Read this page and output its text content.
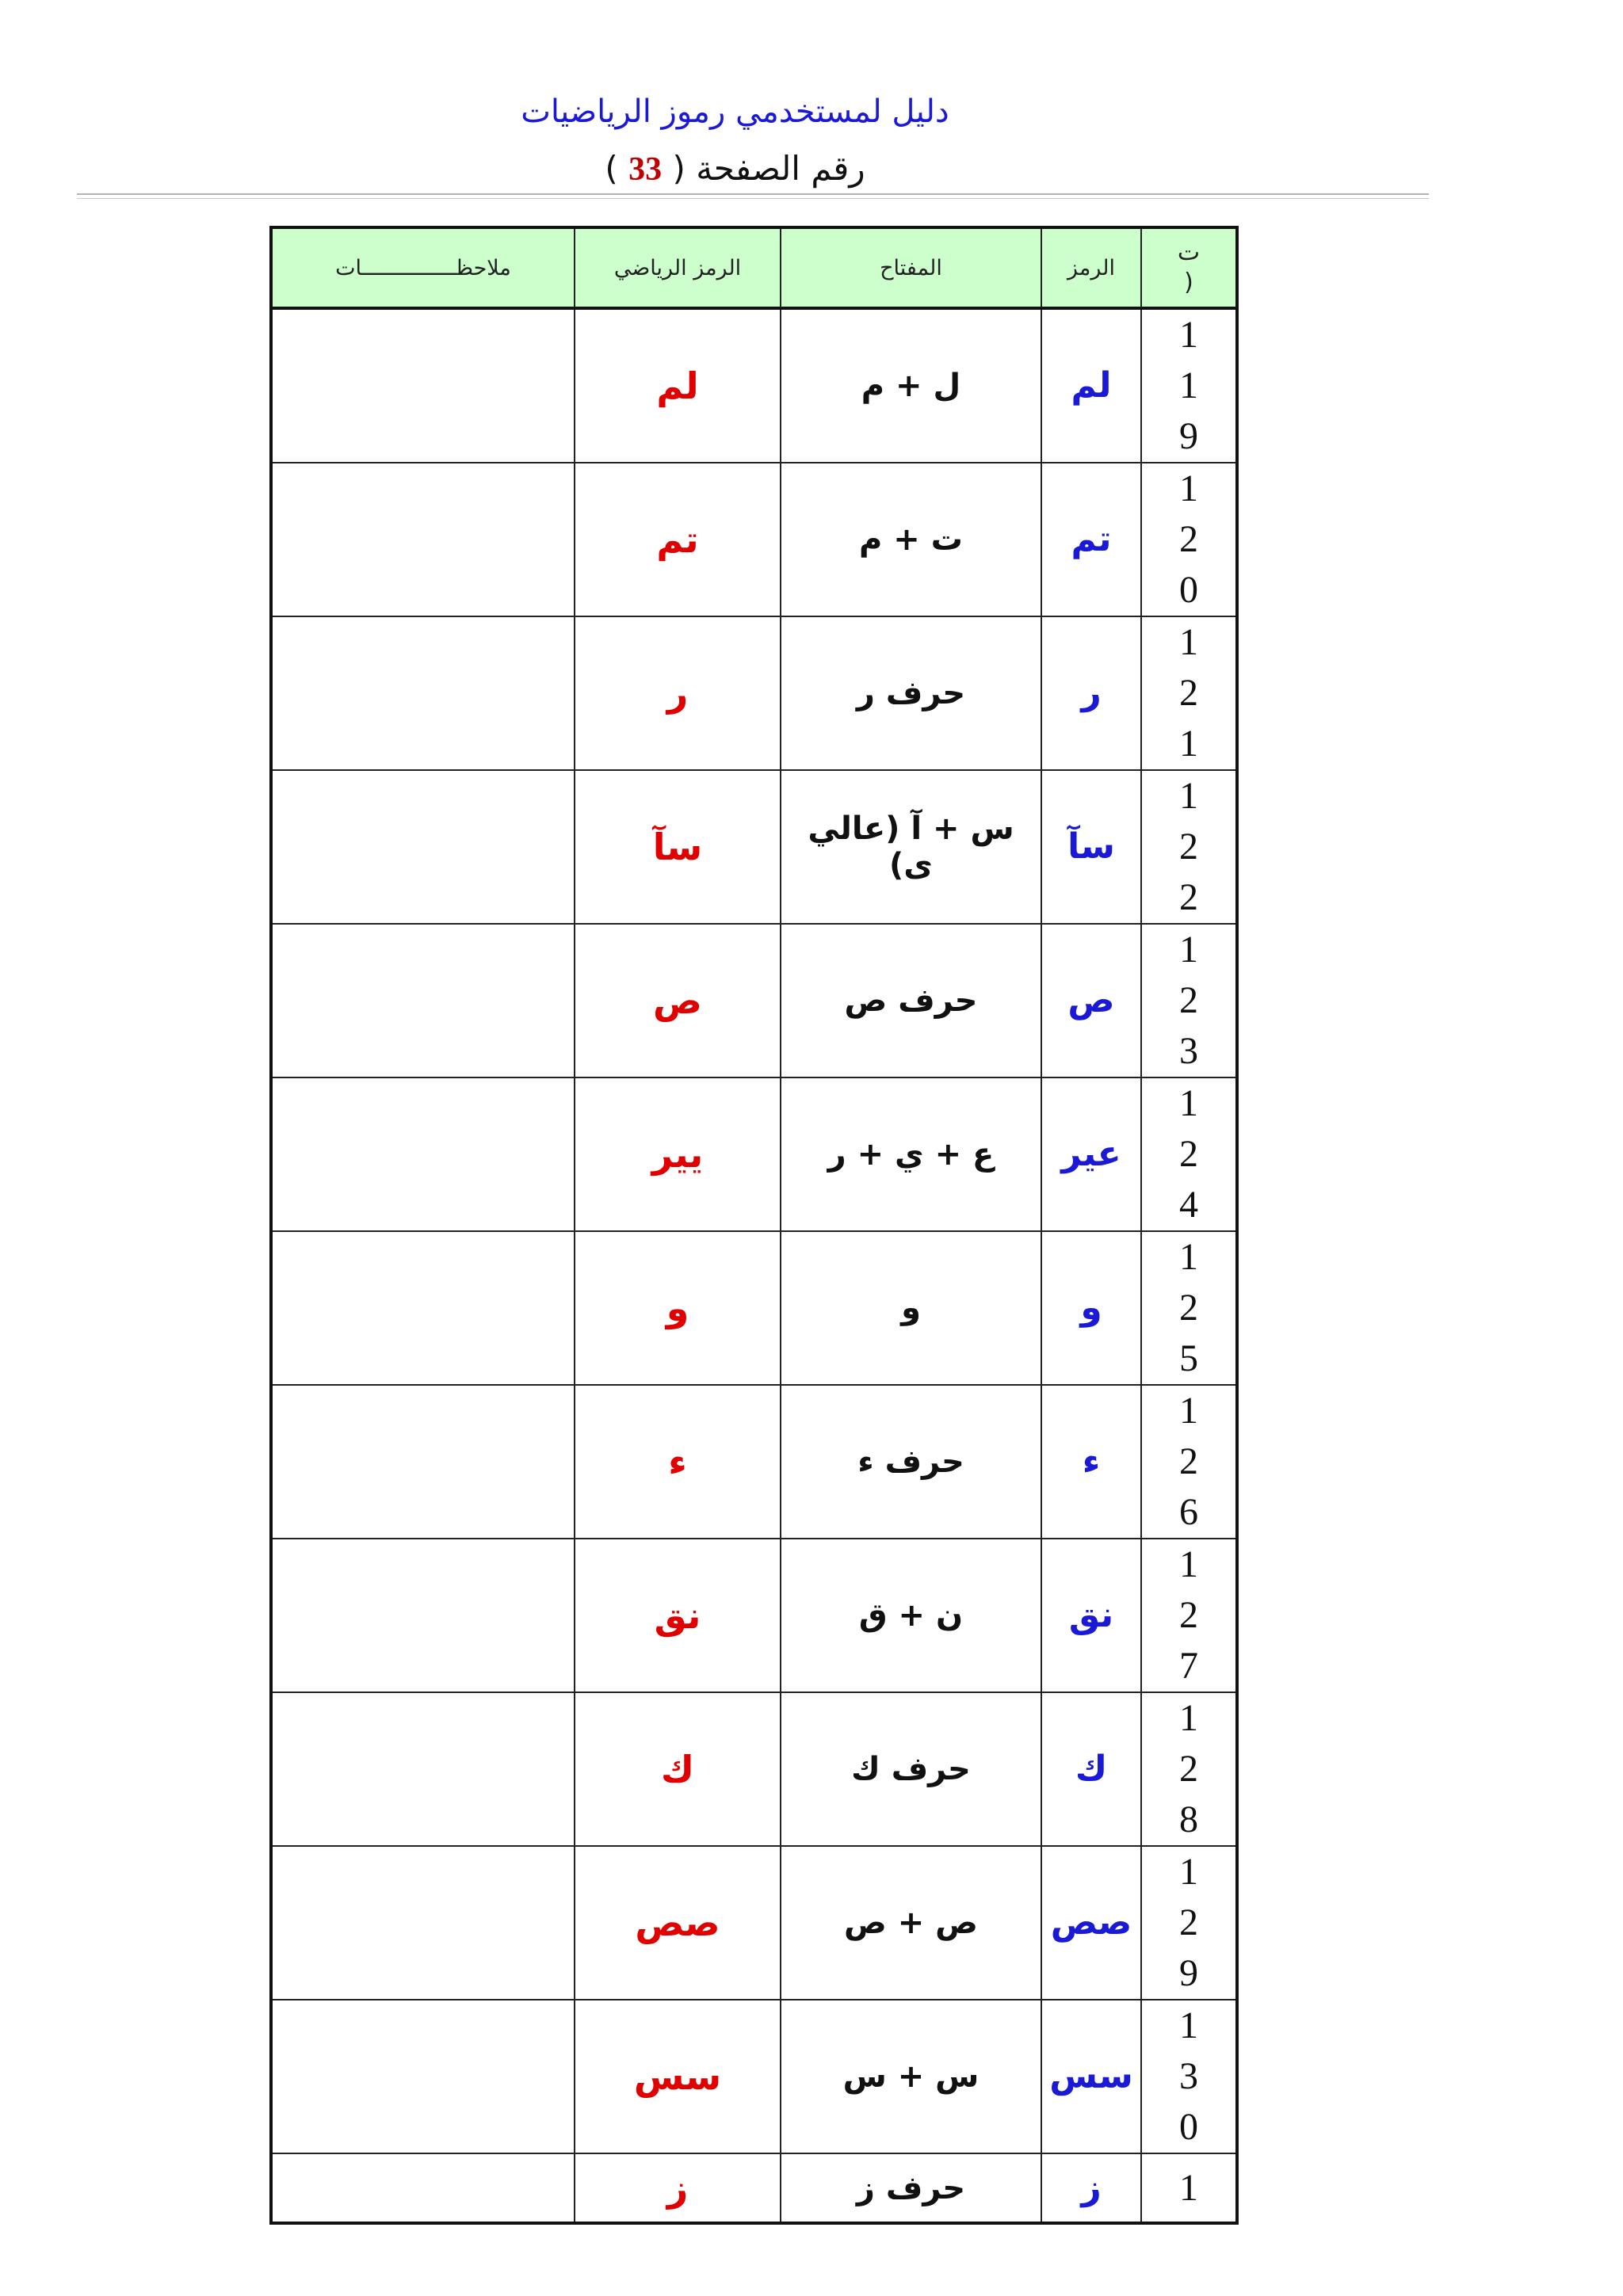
دليل لمستخدمي رموز الرياضيات
رقم الصفحة ( 33 )
ت (	الرمز	المفتاح	الرمز الرياضي	ملاحظـــــــــــــــات
119	لم	ل + م	لم	
120	تم	ت + م	تم	
121	ر	حرف ر	ر	
122	سآ	س + آ (عالي ى)	سآ	
123	ص	حرف ص	ص	
124	عير	ع + ي + ر	يير	
125	و	و	و	
126	ء	حرف ء	ء	
127	نق	ن + ق	نق	
128	ك	حرف ك	ك	
129	صص	ص + ص	صص	
130	سس	س + س	سس	
1	ز	حرف ز	ز	
